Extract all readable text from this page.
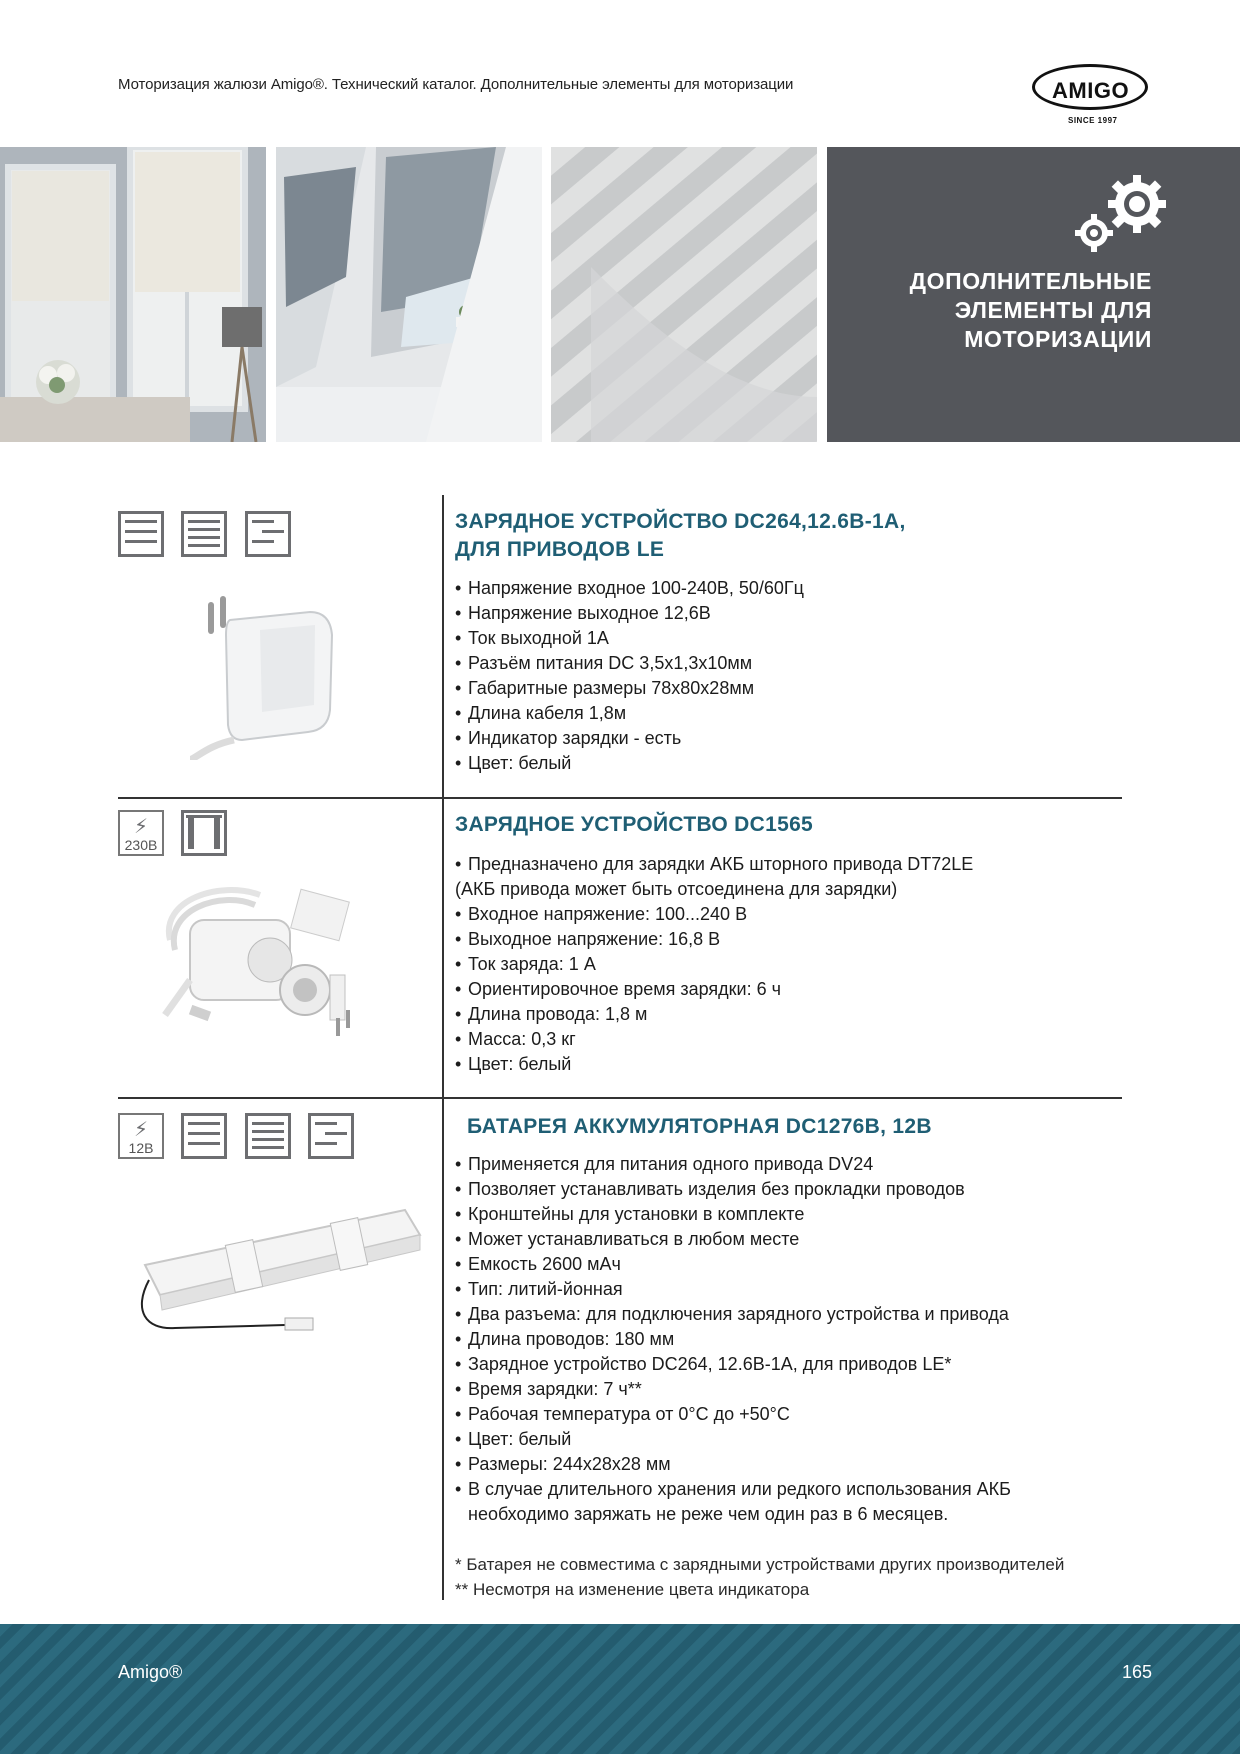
Моторизация жалюзи Amigo®. Технический каталог. Дополнительные элементы для моторизации	AMIGO
SINCE 1997
ДОПОЛНИТЕЛЬНЫЕ
ЭЛЕМЕНТЫ ДЛЯ
МОТОРИЗАЦИИ
ЗАРЯДНОЕ УСТРОЙСТВО DC264,12.6В-1А,
ДЛЯ ПРИВОДОВ LE
• Напряжение входное 100-240В, 50/60Гц
• Напряжение выходное 12,6В
• Ток выходной 1А
• Разъём питания DC 3,5х1,3х10мм
• Габаритные размеры 78х80х28мм
• Длина кабеля 1,8м
• Индикатор зарядки - есть
• Цвет: белый
⚡
230В
ЗАРЯДНОЕ УСТРОЙСТВО DC1565
• Предназначено для зарядки АКБ шторного привода DT72LE
(АКБ привода может быть отсоединена для зарядки)
• Входное напряжение: 100...240 В
• Выходное напряжение: 16,8 В
• Ток заряда: 1 А
• Ориентировочное время зарядки: 6 ч
• Длина провода: 1,8 м
• Масса: 0,3 кг
• Цвет: белый
⚡
12В
БАТАРЕЯ АККУМУЛЯТОРНАЯ DC1276В, 12В
• Применяется для питания одного привода DV24
• Позволяет устанавливать изделия без прокладки проводов
• Кронштейны для установки в комплекте
• Может устанавливаться в любом месте
• Емкость 2600 мАч
• Тип: литий-йонная
• Два разъема: для подключения зарядного устройства и привода
• Длина проводов: 180 мм
• Зарядное устройство DC264, 12.6В-1А, для приводов LE*
• Время зарядки: 7 ч**
• Рабочая температура от 0°С до +50°С
• Цвет: белый
• Размеры: 244х28х28 мм
• В случае длительного хранения или редкого использования АКБ
необходимо заряжать не реже чем один раз в 6 месяцев.
* Батарея не совместима с зарядными устройствами других производителей
** Несмотря на изменение цвета индикатора
Amigo®	165
